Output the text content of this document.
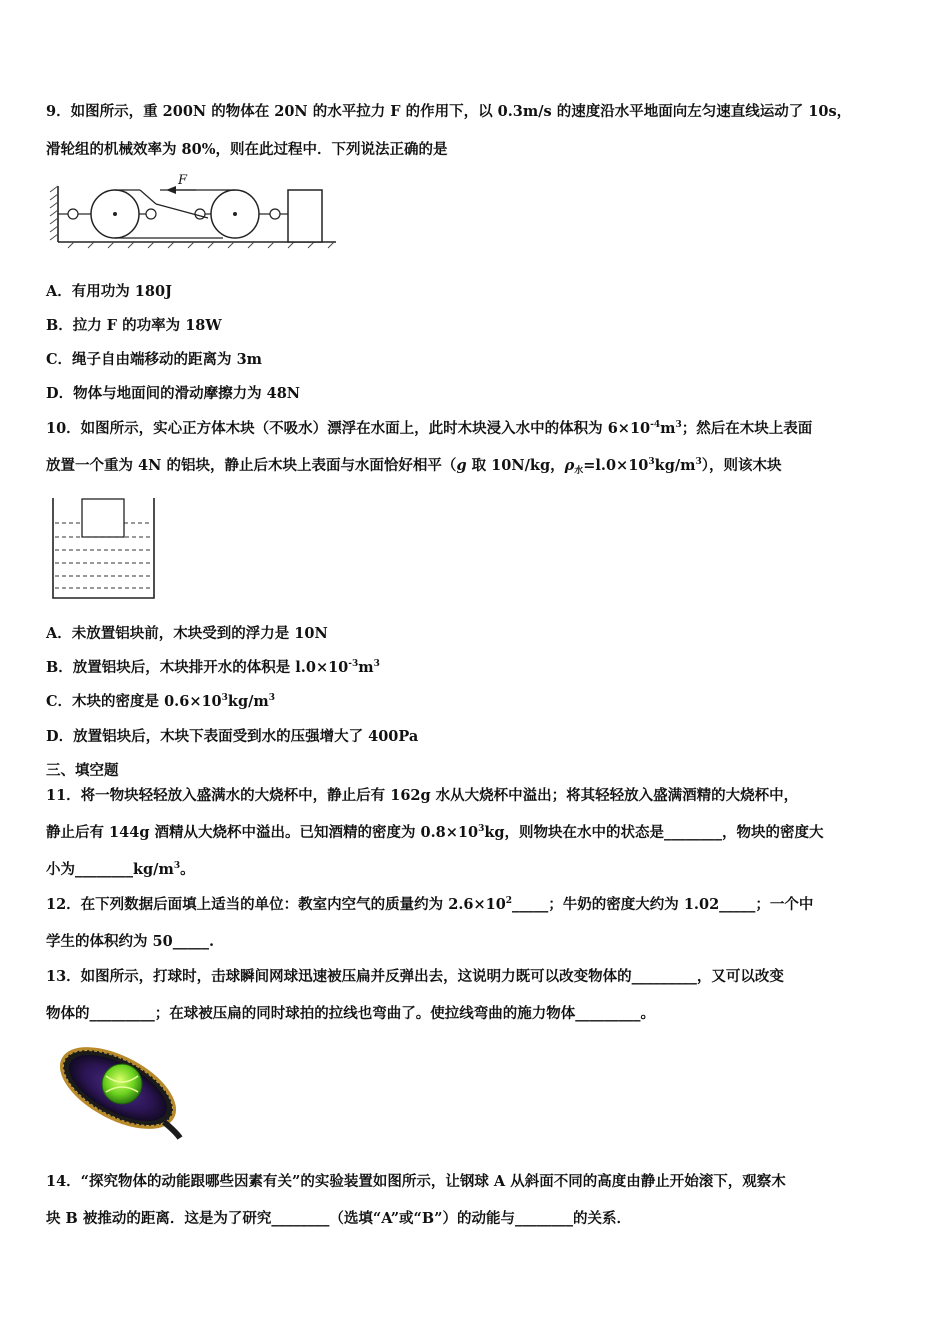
9．如图所示，重 200N 的物体在 20N 的水平拉力 F 的作用下，以 0.3m/s 的速度沿水平地面向左匀速直线运动了 10s，
滑轮组的机械效率为 80%，则在此过程中．下列说法正确的是
F
A．有用功为 180J
B．拉力 F 的功率为 18W
C．绳子自由端移动的距离为 3m
D．物体与地面间的滑动摩擦力为 48N
10．如图所示，实心正方体木块（不吸水）漂浮在水面上，此时木块浸入水中的体积为 $6\times 10^{-4}m^3$；然后在木块上表面
放置一个重为 4N 的铝块，静止后木块上表面与水面恰好相平（g 取 10N/kg，$\rho_水=l.0\times 10^3kg/m^3$），则该木块
A．未放置铝块前，木块受到的浮力是 10N
B．放置铝块后，木块排开水的体积是 $l.0\times 10^{-3}m^3$
C．木块的密度是 $0.6\times 10^3kg/m^3$
D．放置铝块后，木块下表面受到水的压强增大了 400Pa
三、填空题
11．将一物块轻轻放入盛满水的大烧杯中，静止后有 162g 水从大烧杯中溢出；将其轻轻放入盛满酒精的大烧杯中，
静止后有 144g 酒精从大烧杯中溢出。已知酒精的密度为 $0.8\times 10^3kg$，则物块在水中的状态是________，物块的密度大
小为$\_\_\_\_\_\_\_\_kg/m^3$。
12．在下列数据后面填上适当的单位：教室内空气的质量约为 $2.6\times 10^2\_\_\_\_\_$；牛奶的密度大约为 1.02_____；一个中
学生的体积约为 50_____.
13．如图所示，打球时，击球瞬间网球迅速被压扁并反弹出去，这说明力既可以改变物体的_________，又可以改变
物体的_________；在球被压扁的同时球拍的拉线也弯曲了。使拉线弯曲的施力物体_________。
14．“探究物体的动能跟哪些因素有关”的实验装置如图所示，让钢球 A 从斜面不同的高度由静止开始滚下，观察木
块 B 被推动的距离．这是为了研究________（选填“A”或“B”）的动能与________的关系．
